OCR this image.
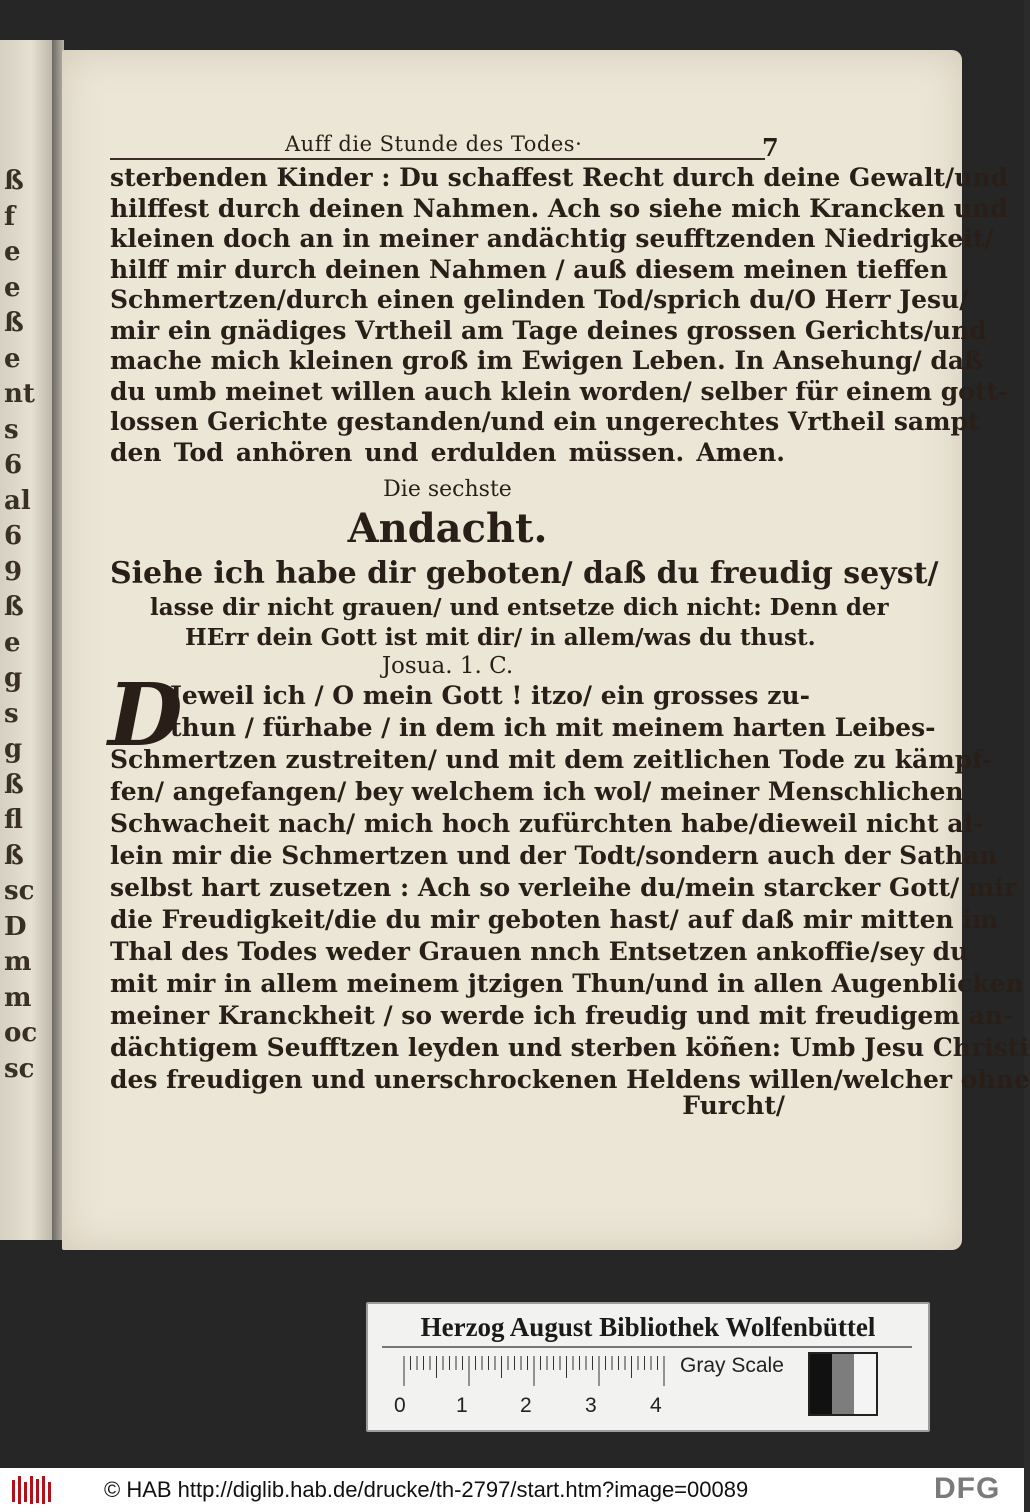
ß
f
e
e
ß
e
nt
s
6
al
6
9
ß
e
g
s
g
ß
fl
ß
sc
D
m
m
oc
sc
Auff die Stunde des Todes·	7
sterbenden Kinder : Du schaffest Recht durch deine Gewalt/und
hilffest durch deinen Nahmen. Ach so siehe mich Krancken und
kleinen doch an in meiner andächtig seufftzenden Niedrigkeit/
hilff mir durch deinen Nahmen / auß diesem meinen tieffen
Schmertzen/durch einen gelinden Tod/sprich du/O Herr Jesu/
mir ein gnädiges Vrtheil am Tage deines grossen Gerichts/und
mache mich kleinen groß im Ewigen Leben. In Ansehung/ daß
du umb meinet willen auch klein worden/ selber für einem gott-
lossen Gerichte gestanden/und ein ungerechtes Vrtheil sampt
den Tod anhören und erdulden müssen. Amen.
Die sechste
Andacht.
Siehe ich habe dir geboten/ daß du freudig seyst/
lasse dir nicht grauen/ und entsetze dich nicht: Denn der
HErr dein Gott ist mit dir/ in allem/was du thust.
Josua. 1. C.
D
Jeweil ich / O mein Gott ! itzo/ ein grosses zu-
thun / fürhabe / in dem ich mit meinem harten Leibes-
Schmertzen zustreiten/ und mit dem zeitlichen Tode zu kämpf-
fen/ angefangen/ bey welchem ich wol/ meiner Menschlichen
Schwacheit nach/ mich hoch zufürchten habe/dieweil nicht al-
lein mir die Schmertzen und der Todt/sondern auch der Sathan
selbst hart zusetzen : Ach so verleihe du/mein starcker Gott/ mir
die Freudigkeit/die du mir geboten hast/ auf daß mir mitten im
Thal des Todes weder Grauen nnch Entsetzen ankoffie/sey du
mit mir in allem meinem jtzigen Thun/und in allen Augenblicken
meiner Kranckheit / so werde ich freudig und mit freudigem an-
dächtigem Seufftzen leyden und sterben köñen: Umb Jesu Christi
des freudigen und unerschrockenen Heldens willen/welcher ohne
Furcht/
Herzog August Bibliothek Wolfenbüttel
Gray Scale
0 1 2	3	4
© HAB http://diglib.hab.de/drucke/th-2797/start.htm?image=00089	DFG
